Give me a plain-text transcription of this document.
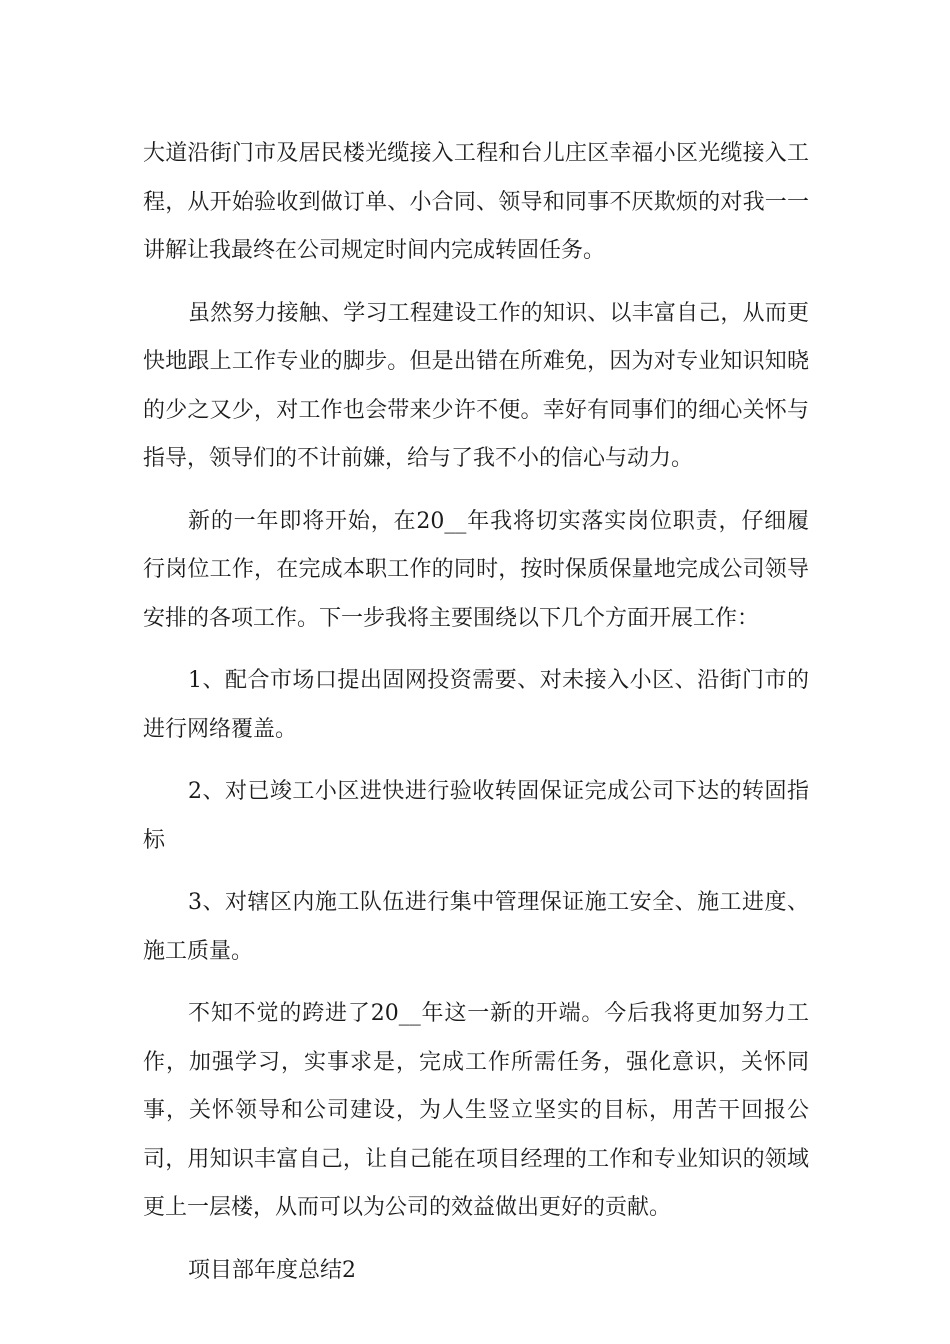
大道沿街门市及居民楼光缆接入工程和台儿庄区幸福小区光缆接入工程，从开始验收到做订单、小合同、领导和同事不厌欺烦的对我一一讲解让我最终在公司规定时间内完成转固任务。

虽然努力接触、学习工程建设工作的知识、以丰富自己，从而更快地跟上工作专业的脚步。但是出错在所难免，因为对专业知识知晓的少之又少，对工作也会带来少许不便。幸好有同事们的细心关怀与指导，领导们的不计前嫌，给与了我不小的信心与动力。

新的一年即将开始，在20__年我将切实落实岗位职责，仔细履行岗位工作，在完成本职工作的同时，按时保质保量地完成公司领导安排的各项工作。下一步我将主要围绕以下几个方面开展工作：

1、配合市场口提出固网投资需要、对未接入小区、沿街门市的进行网络覆盖。

2、对已竣工小区进快进行验收转固保证完成公司下达的转固指标

3、对辖区内施工队伍进行集中管理保证施工安全、施工进度、施工质量。

不知不觉的跨进了20__年这一新的开端。今后我将更加努力工作，加强学习，实事求是，完成工作所需任务，强化意识，关怀同事，关怀领导和公司建设，为人生竖立坚实的目标，用苦干回报公司，用知识丰富自己，让自己能在项目经理的工作和专业知识的领域更上一层楼，从而可以为公司的效益做出更好的贡献。

项目部年度总结2
